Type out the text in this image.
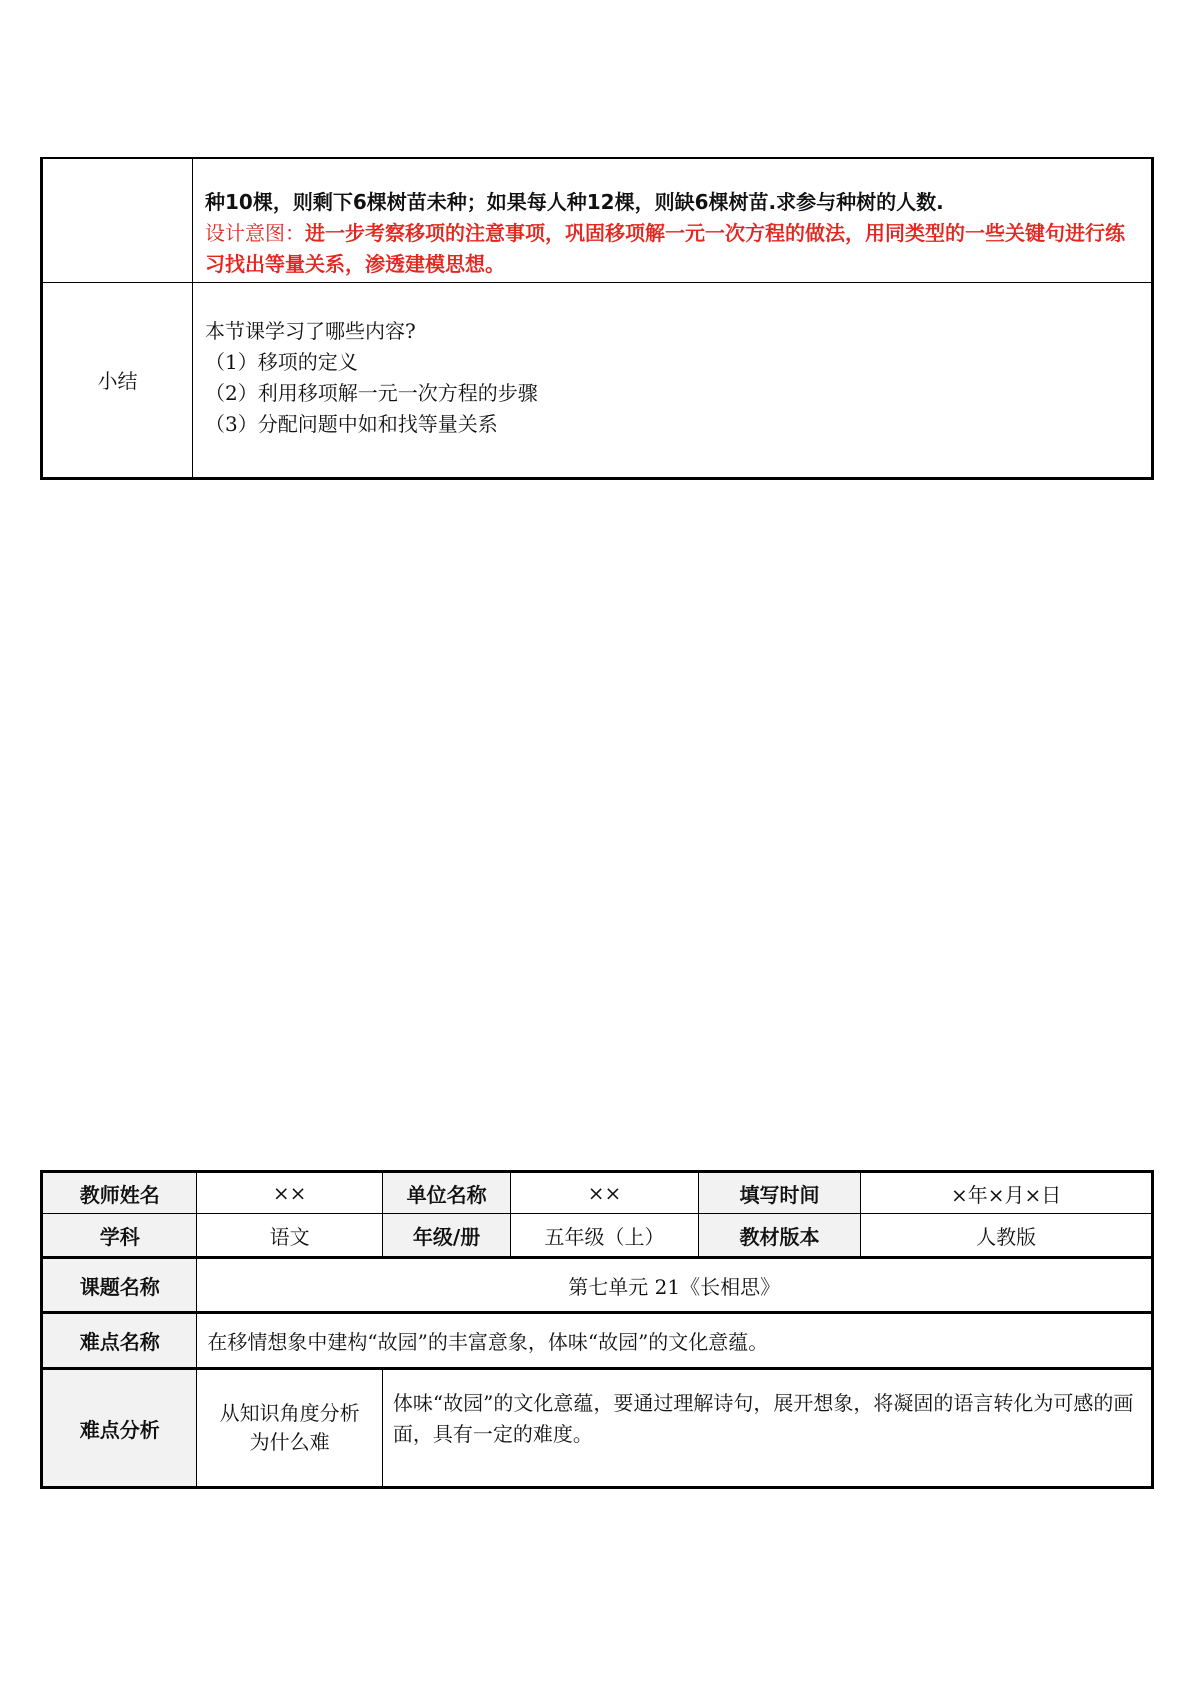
	种10棵，则剩下6棵树苗未种；如果每人种12棵，则缺6棵树苗.求参与种树的人数.
设计意图：进一步考察移项的注意事项，巩固移项解一元一次方程的做法，用同类型的一些关键句进行练习找出等量关系，渗透建模思想。

小结	本节课学习了哪些内容?
（1）移项的定义
（2）利用移项解一元一次方程的步骤
（3）分配问题中如和找等量关系
教师姓名	××	单位名称	××	填写时间	×年×月×日
学科	语文	年级/册	五年级（上）	教材版本	人教版
课题名称	第七单元 21《长相思》				
难点名称	在移情想象中建构“故园”的丰富意象，体味“故园”的文化意蕴。				
难点分析	从知识角度分析为什么难	体味“故园”的文化意蕴，要通过理解诗句，展开想象，将凝固的语言转化为可感的画面，具有一定的难度。			
